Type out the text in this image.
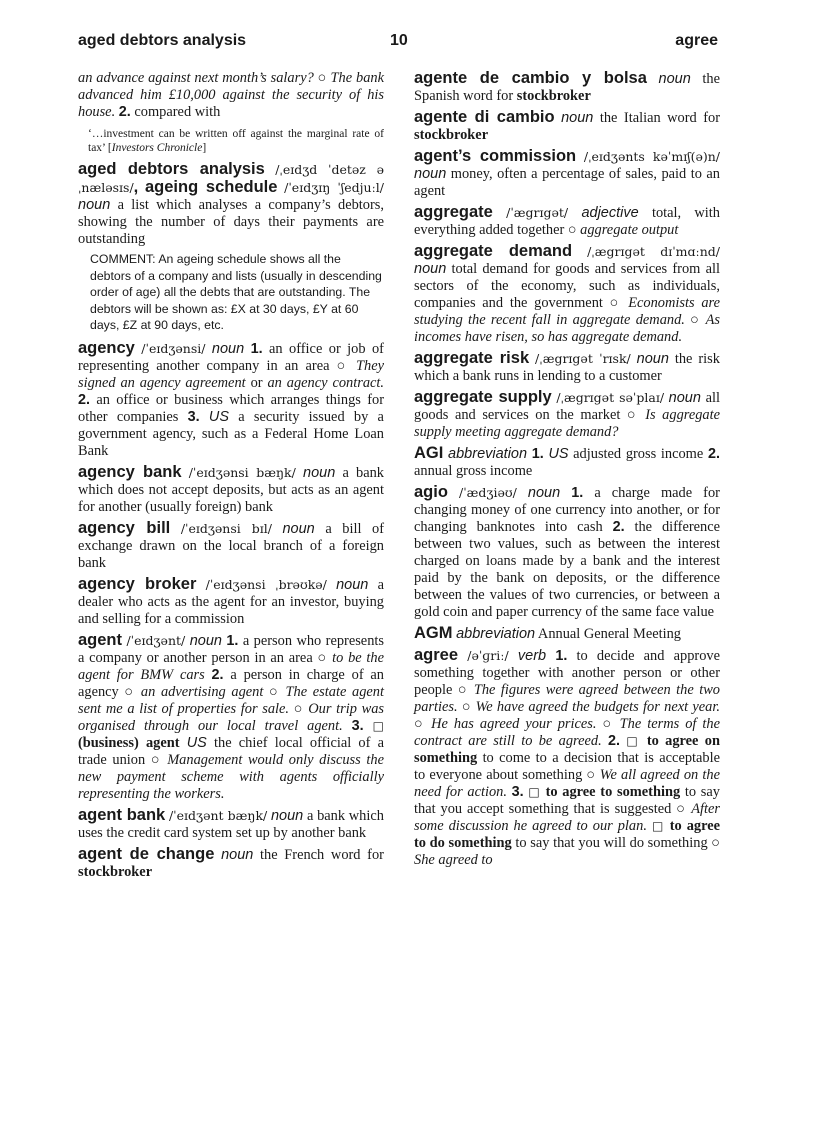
aged debtors analysis	10	agree
an advance against next month’s salary? ○ The bank advanced him £10,000 against the security of his house. 2. compared with
‘…investment can be written off against the marginal rate of tax’ [Investors Chronicle]
aged debtors analysis /ˌeɪdʒd ˈdetəz əˌnæləsɪs/, ageing schedule /ˈeɪdʒɪŋ ˈʃedjuːl/ noun a list which analyses a company’s debtors, showing the number of days their payments are outstanding
COMMENT: An ageing schedule shows all the debtors of a company and lists (usually in descending order of age) all the debts that are outstanding. The debtors will be shown as: £X at 30 days, £Y at 60 days, £Z at 90 days, etc.
agency /ˈeɪdʒənsi/ noun 1. an office or job of representing another company in an area ○ They signed an agency agreement or an agency contract. 2. an office or business which arranges things for other companies 3. US a security issued by a government agency, such as a Federal Home Loan Bank
agency bank /ˈeɪdʒənsi bæŋk/ noun a bank which does not accept deposits, but acts as an agent for another (usually foreign) bank
agency bill /ˈeɪdʒənsi bɪl/ noun a bill of exchange drawn on the local branch of a foreign bank
agency broker /ˈeɪdʒənsi ˌbrəʊkə/ noun a dealer who acts as the agent for an investor, buying and selling for a commission
agent /ˈeɪdʒənt/ noun 1. a person who represents a company or another person in an area ○ to be the agent for BMW cars 2. a person in charge of an agency ○ an advertising agent ○ The estate agent sent me a list of properties for sale. ○ Our trip was organised through our local travel agent. 3. □ (business) agent US the chief local official of a trade union ○ Management would only discuss the new payment scheme with agents officially representing the workers.
agent bank /ˈeɪdʒənt bæŋk/ noun a bank which uses the credit card system set up by another bank
agent de change noun the French word for stockbroker
agente de cambio y bolsa noun the Spanish word for stockbroker
agente di cambio noun the Italian word for stockbroker
agent’s commission /ˌeɪdʒənts kəˈmɪʃ(ə)n/ noun money, often a percentage of sales, paid to an agent
aggregate /ˈægrɪgət/ adjective total, with everything added together ○ aggregate output
aggregate demand /ˌægrɪgət dɪˈmɑːnd/ noun total demand for goods and services from all sectors of the economy, such as individuals, companies and the government ○ Economists are studying the recent fall in aggregate demand. ○ As incomes have risen, so has aggregate demand.
aggregate risk /ˌægrɪgət ˈrɪsk/ noun the risk which a bank runs in lending to a customer
aggregate supply /ˌægrɪgət səˈplaɪ/ noun all goods and services on the market ○ Is aggregate supply meeting aggregate demand?
AGI abbreviation 1. US adjusted gross income 2. annual gross income
agio /ˈædʒiəʊ/ noun 1. a charge made for changing money of one currency into another, or for changing banknotes into cash 2. the difference between two values, such as between the interest charged on loans made by a bank and the interest paid by the bank on deposits, or the difference between the values of two currencies, or between a gold coin and paper currency of the same face value
AGM abbreviation Annual General Meeting
agree /əˈɡriː/ verb 1. to decide and approve something together with another person or other people ○ The figures were agreed between the two parties. ○ We have agreed the budgets for next year. ○ He has agreed your prices. ○ The terms of the contract are still to be agreed. 2. □ to agree on something to come to a decision that is acceptable to everyone about something ○ We all agreed on the need for action. 3. □ to agree to something to say that you accept something that is suggested ○ After some discussion he agreed to our plan. □ to agree to do something to say that you will do something ○ She agreed to
